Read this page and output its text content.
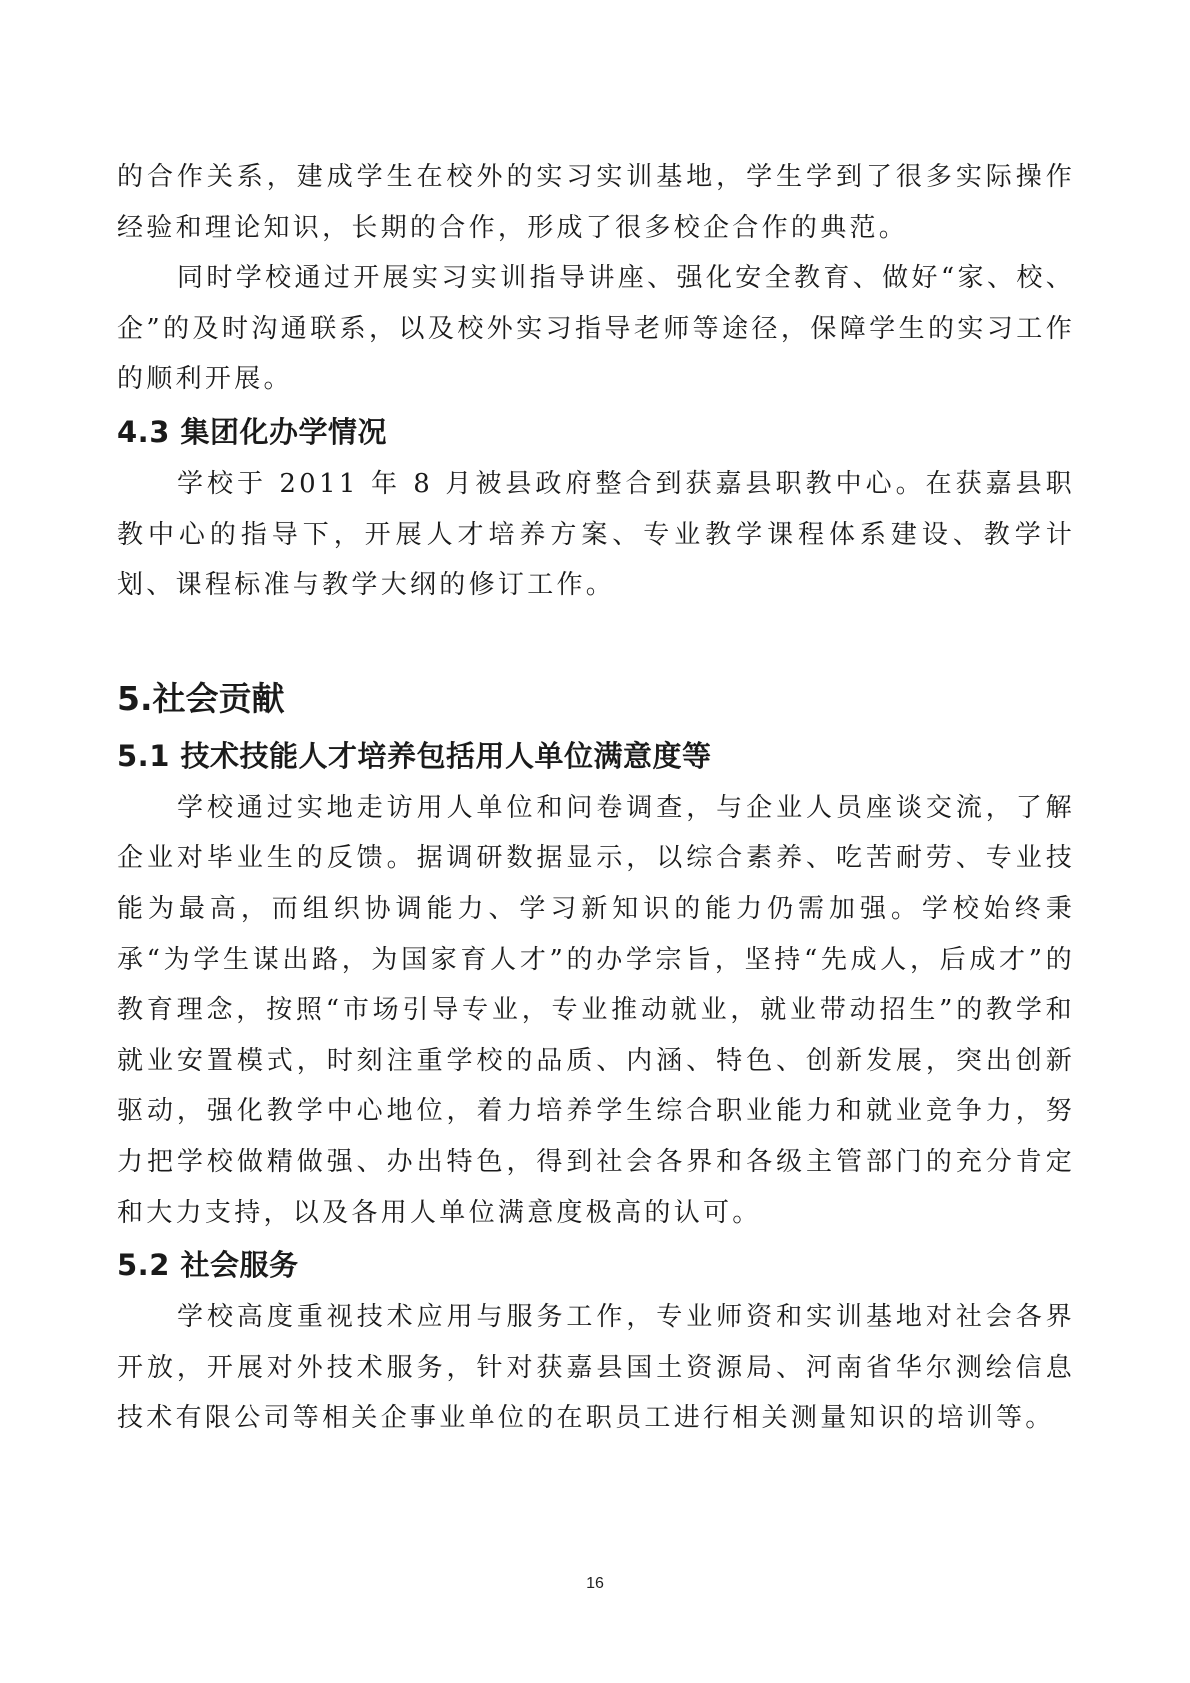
的合作关系，建成学生在校外的实习实训基地，学生学到了很多实际操作经验和理论知识，长期的合作，形成了很多校企合作的典范。

同时学校通过开展实习实训指导讲座、强化安全教育、做好“家、校、企”的及时沟通联系，以及校外实习指导老师等途径，保障学生的实习工作的顺利开展。

4.3 集团化办学情况

学校于 2011 年 8 月被县政府整合到获嘉县职教中心。在获嘉县职教中心的指导下，开展人才培养方案、专业教学课程体系建设、教学计划、课程标准与教学大纲的修订工作。

5.社会贡献
5.1 技术技能人才培养包括用人单位满意度等

学校通过实地走访用人单位和问卷调查，与企业人员座谈交流，了解企业对毕业生的反馈。据调研数据显示，以综合素养、吃苦耐劳、专业技能为最高，而组织协调能力、学习新知识的能力仍需加强。学校始终秉承“为学生谋出路，为国家育人才”的办学宗旨，坚持“先成人，后成才”的教育理念，按照“市场引导专业，专业推动就业，就业带动招生”的教学和就业安置模式，时刻注重学校的品质、内涵、特色、创新发展，突出创新驱动，强化教学中心地位，着力培养学生综合职业能力和就业竞争力，努力把学校做精做强、办出特色，得到社会各界和各级主管部门的充分肯定和大力支持，以及各用人单位满意度极高的认可。

5.2 社会服务

学校高度重视技术应用与服务工作，专业师资和实训基地对社会各界开放，开展对外技术服务，针对获嘉县国土资源局、河南省华尔测绘信息技术有限公司等相关企事业单位的在职员工进行相关测量知识的培训等。

16
